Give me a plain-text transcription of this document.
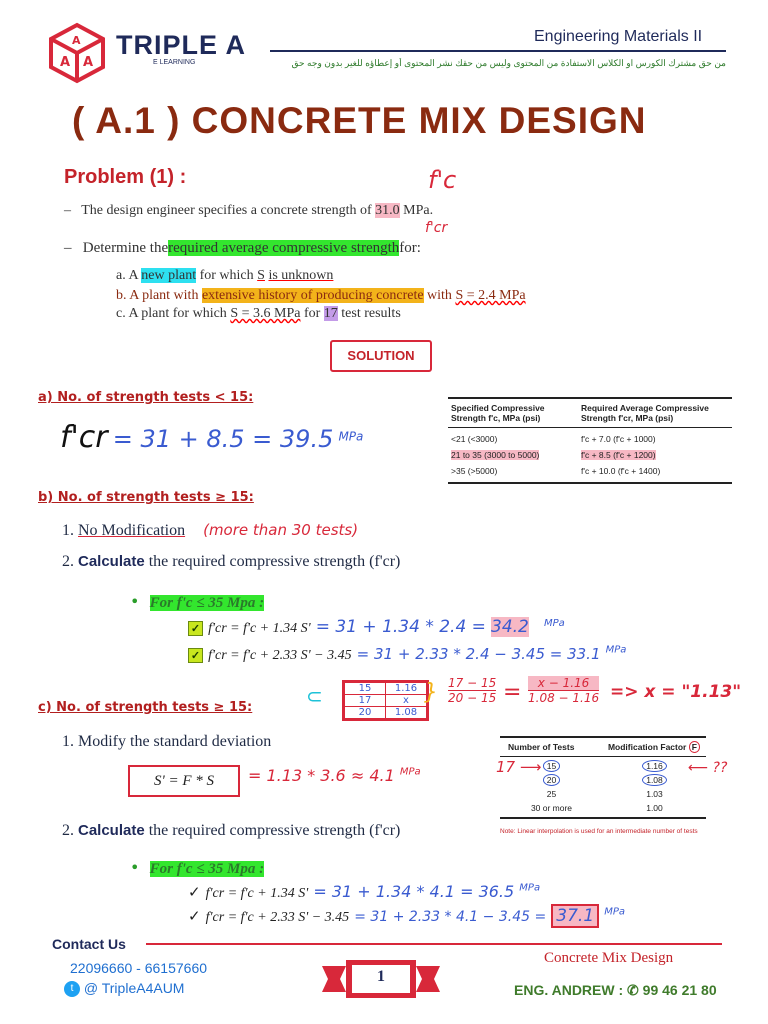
A A
A TRIPLE A
E LEARNING
Engineering Materials II
من حق مشترك الكورس او الكلاس الاستفادة من المحتوى وليس من حقك نشر المحتوى أو إعطاؤه للغير بدون وجه حق
( A.1 ) CONCRETE MIX DESIGN
Problem (1) :	f'c
f'cr
–   The design engineer specifies a concrete strength of 31.0 MPa.
–   Determine therequired average compressive strengthfor:
a. A new plant for which S is unknown
b. A plant with extensive history of producing concrete with S = 2.4 MPa
c. A plant for which S = 3.6 MPa for 17 test results
SOLUTION
a) No. of strength tests < 15:
f'cr = 31 + 8.5 = 39.5 $^{MPa}$
Specified Compressive Strength f'c, MPa (psi)
Required Average Compressive Strength f'cr, MPa (psi)
<21 (<3000)	f'c + 7.0 (f'c + 1000)
21 to 35 (3000 to 5000)	f'c + 8.5 (f'c + 1200)
>35 (>5000)	f'c + 10.0 (f'c + 1400)
b) No. of strength tests ≥ 15:
1. No Modification (more than 30 tests)
2. Calculate the required compressive strength (f'cr)
•  For f'c ≤ 35 Mpa :
✓ f'cr = f'c + 1.34 S' = 31 + 1.34 * 2.4 = 34.2 $^{MPa}$
✓ f'cr = f'c + 2.33 S' − 3.45 = 31 + 2.33 * 2.4 − 3.45 = 33.1 $^{MPa}$
15	1.16
17	x
20	1.08
⊂	} 17 − 15
20 − 15 =	x − 1.16
1.08 − 1.16 => x = "1.13"
c) No. of strength tests ≥ 15:
1. Modify the standard deviation
S' = F * S	= 1.13 * 3.6 ≈ 4.1 $^{MPa}$
Number of Tests	Modification Factor F
15	1.16
20	1.08
25	1.03
30 or more	1.00
Note: Linear interpolation is used for an intermediate number of tests
17 ⟶	⟵ ??
2. Calculate the required compressive strength (f'cr)
•  For f'c ≤ 35 Mpa :
✓ f'cr = f'c + 1.34 S' = 31 + 1.34 * 4.1 = 36.5 $^{MPa}$
✓ f'cr = f'c + 2.33 S' − 3.45 = 31 + 2.33 * 4.1 − 3.45 = 37.1 $^{MPa}$
Contact Us
22096660 - 66157660
t @ TripleA4AUM
1
Concrete Mix Design
ENG. ANDREW : ✆ 99 46 21 80
